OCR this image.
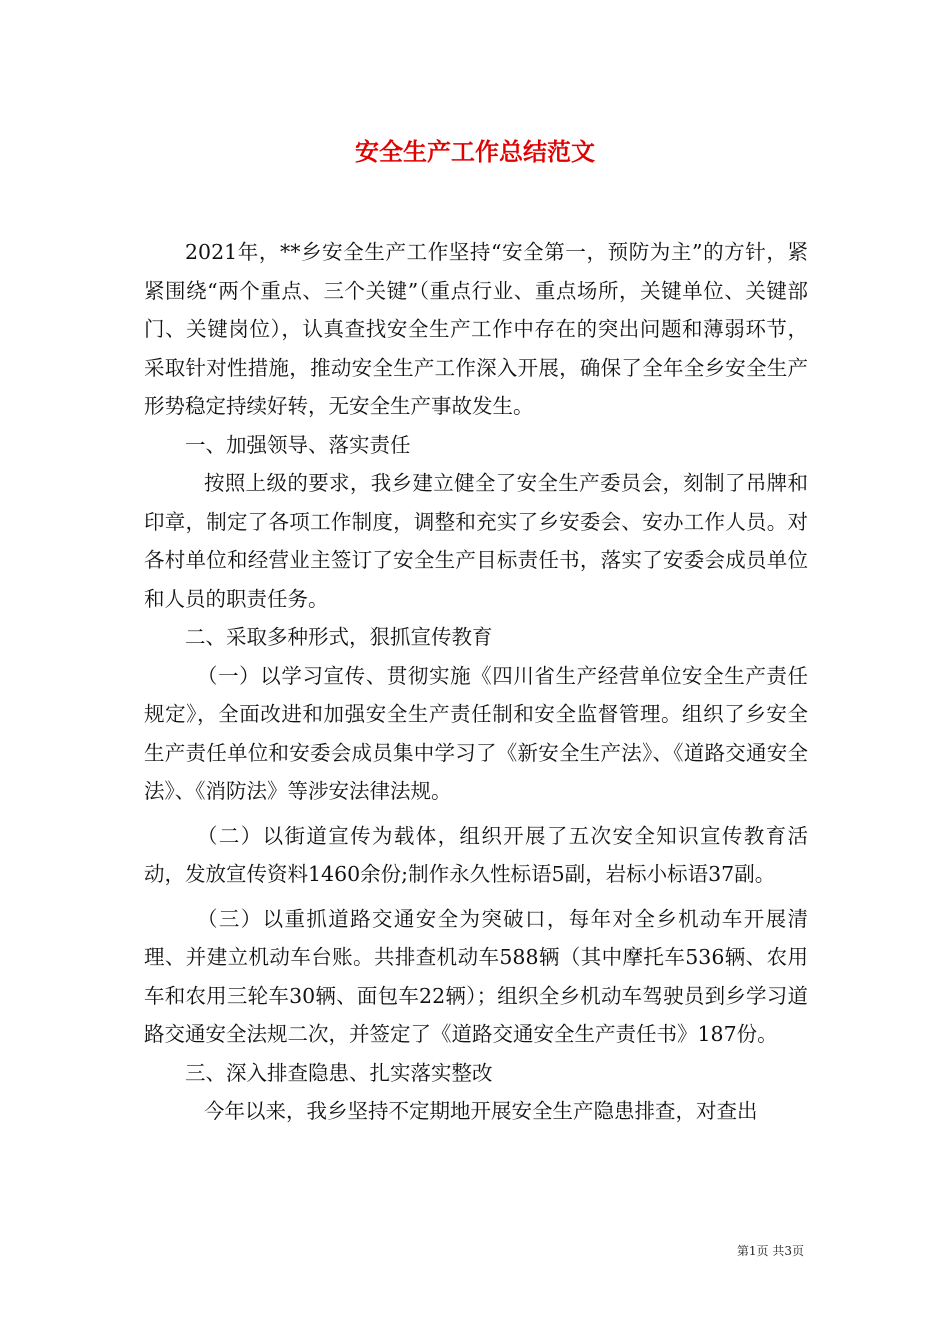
安全生产工作总结范文

2021年，**乡安全生产工作坚持“安全第一，预防为主”的方针，紧紧围绕“两个重点、三个关键”（重点行业、重点场所，关键单位、关键部门、关键岗位），认真查找安全生产工作中存在的突出问题和薄弱环节，采取针对性措施，推动安全生产工作深入开展，确保了全年全乡安全生产形势稳定持续好转，无安全生产事故发生。

一、加强领导、落实责任

按照上级的要求，我乡建立健全了安全生产委员会，刻制了吊牌和印章，制定了各项工作制度，调整和充实了乡安委会、安办工作人员。对各村单位和经营业主签订了安全生产目标责任书，落实了安委会成员单位和人员的职责任务。

二、采取多种形式，狠抓宣传教育

（一）以学习宣传、贯彻实施《四川省生产经营单位安全生产责任规定》，全面改进和加强安全生产责任制和安全监督管理。组织了乡安全生产责任单位和安委会成员集中学习了《新安全生产法》、《道路交通安全法》、《消防法》等涉安法律法规。

（二）以街道宣传为载体，组织开展了五次安全知识宣传教育活动，发放宣传资料1460余份;制作永久性标语5副，岩标小标语37副。

（三）以重抓道路交通安全为突破口，每年对全乡机动车开展清理、并建立机动车台账。共排查机动车588辆（其中摩托车536辆、农用车和农用三轮车30辆、面包车22辆）；组织全乡机动车驾驶员到乡学习道路交通安全法规二次，并签定了《道路交通安全生产责任书》187份。

三、深入排查隐患、扎实落实整改

今年以来，我乡坚持不定期地开展安全生产隐患排查，对查出

第1页 共3页
